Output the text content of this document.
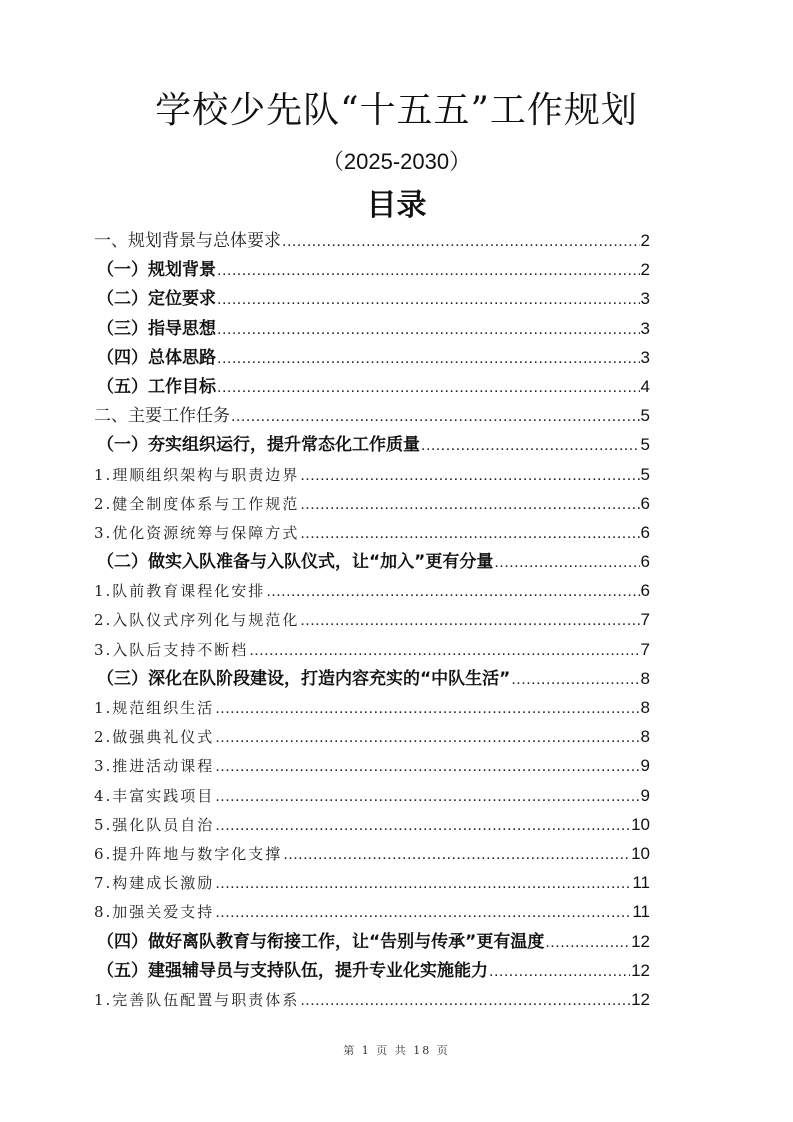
学校少先队“十五五”工作规划
（2025-2030）
目录
一、规划背景与总体要求 .....	2
（一）规划背景 .....	2
（二）定位要求 .....	3
（三）指导思想 .....	3
（四）总体思路 .....	3
（五）工作目标 .....	4
二、主要工作任务 .....	5
（一）夯实组织运行，提升常态化工作质量 .....	5
1.理顺组织架构与职责边界 .....	5
2.健全制度体系与工作规范 .....	6
3.优化资源统筹与保障方式 .....	6
（二）做实入队准备与入队仪式，让“加入”更有分量 .....	6
1.队前教育课程化安排 .....	6
2.入队仪式序列化与规范化 .....	7
3.入队后支持不断档 .....	7
（三）深化在队阶段建设，打造内容充实的“中队生活” .....	8
1.规范组织生活 .....	8
2.做强典礼仪式 .....	8
3.推进活动课程 .....	9
4.丰富实践项目 .....	9
5.强化队员自治 .....	10
6.提升阵地与数字化支撑 .....	10
7.构建成长激励 .....	11
8.加强关爱支持 .....	11
（四）做好离队教育与衔接工作，让“告别与传承”更有温度 .....	12
（五）建强辅导员与支持队伍，提升专业化实施能力 .....	12
1.完善队伍配置与职责体系 .....	12
第 1 页 共 18 页
